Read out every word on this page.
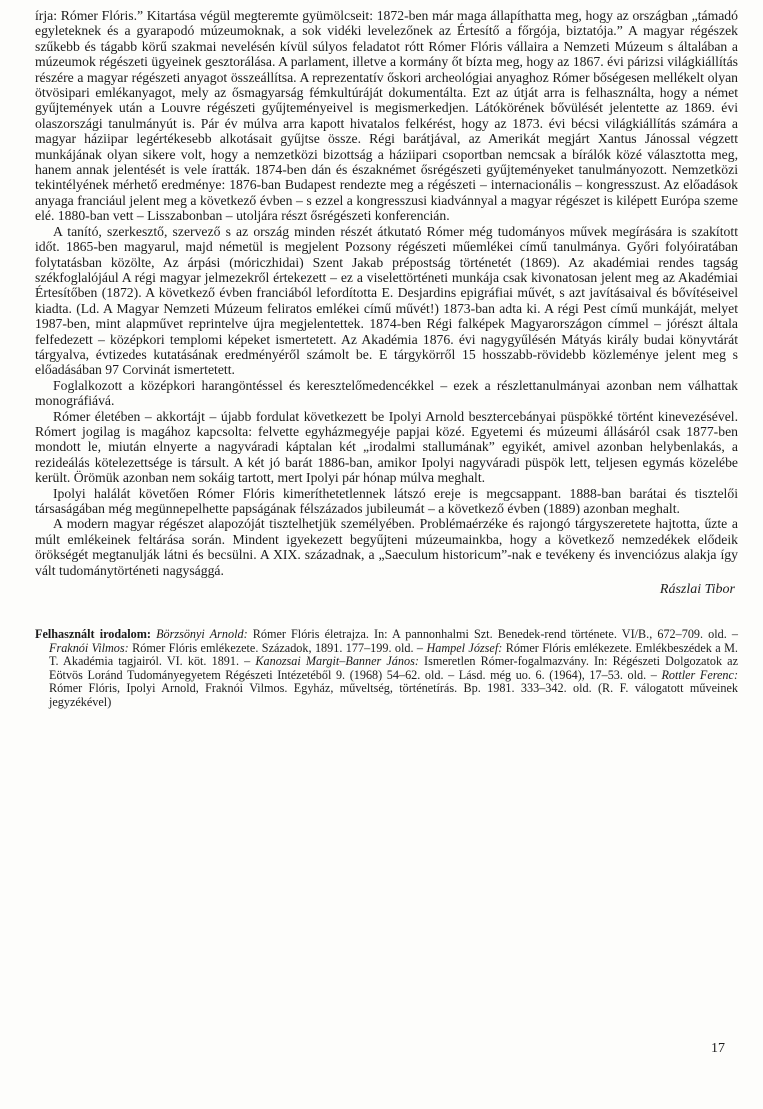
írja: Rómer Flóris.” Kitartása végül megteremte gyümölcseit: 1872-ben már maga állapíthatta meg, hogy az országban „támadó egyleteknek és a gyarapodó múzeumoknak, a sok vidéki levelezőnek az Értesítő a főrgója, biztatója.” A magyar régészek szűkebb és tágabb körű szakmai nevelésén kívül súlyos feladatot rótt Rómer Flóris vállaira a Nemzeti Múzeum s általában a múzeumok régészeti ügyeinek gesztorálása. A parlament, illetve a kormány őt bízta meg, hogy az 1867. évi párizsi világkiállítás részére a magyar régészeti anyagot összeállítsa. A reprezentatív őskori archeológiai anyaghoz Rómer bőségesen mellékelt olyan ötvösipari emlékanyagot, mely az ősmagyarság fémkultúráját dokumentálta. Ezt az útját arra is felhasználta, hogy a német gyűjtemények után a Louvre régészeti gyűjteményeivel is megismerkedjen. Látókörének bővülését jelentette az 1869. évi olaszországi tanulmányút is. Pár év múlva arra kapott hivatalos felkérést, hogy az 1873. évi bécsi világkiállítás számára a magyar háziipar legértékesebb alkotásait gyűjtse össze. Régi barátjával, az Amerikát megjárt Xantus Jánossal végzett munkájának olyan sikere volt, hogy a nemzetközi bizottság a háziipari csoportban nemcsak a bírálók közé választotta meg, hanem annak jelentését is vele íratták. 1874-ben dán és északnémet ősrégészeti gyűjteményeket tanulmányozott. Nemzetközi tekintélyének mérhető eredménye: 1876-ban Budapest rendezte meg a régészeti – internacionális – kongresszust. Az előadások anyaga franciául jelent meg a következő évben – s ezzel a kongresszusi kiadvánnyal a magyar régészet is kilépett Európa szeme elé. 1880-ban vett – Lisszabonban – utoljára részt ősrégészeti konferencián.

A tanító, szerkesztő, szervező s az ország minden részét átkutató Rómer még tudományos művek megírására is szakított időt. 1865-ben magyarul, majd németül is megjelent Pozsony régészeti műemlékei című tanulmánya. Győri folyóiratában folytatásban közölte, Az árpási (móriczhidai) Szent Jakab prépostság történetét (1869). Az akadémiai rendes tagság székfoglalójául A régi magyar jelmezekről értekezett – ez a viselettörténeti munkája csak kivonatosan jelent meg az Akadémiai Értesítőben (1872). A következő évben franciából lefordította E. Desjardins epigráfiai művét, s azt javításaival és bővítéseivel kiadta. (Ld. A Magyar Nemzeti Múzeum feliratos emlékei című művét!) 1873-ban adta ki. A régi Pest című munkáját, melyet 1987-ben, mint alapművet reprintelve újra megjelentettek. 1874-ben Régi falképek Magyarországon címmel – jórészt általa felfedezett – középkori templomi képeket ismertetett. Az Akadémia 1876. évi nagygyűlésén Mátyás király budai könyvtárát tárgyalva, évtizedes kutatásának eredményéről számolt be. E tárgykörről 15 hosszabb-rövidebb közleménye jelent meg s előadásában 97 Corvinát ismertetett.

Foglalkozott a középkori harangöntéssel és keresztelőmedencékkel – ezek a részlettanulmányai azonban nem válhattak monográfiává.

Rómer életében – akkortájt – újabb fordulat következett be Ipolyi Arnold besztercebányai püspökké történt kinevezésével. Rómert jogilag is magához kapcsolta: felvette egyházmegyéje papjai közé. Egyetemi és múzeumi állásáról csak 1877-ben mondott le, miután elnyerte a nagyváradi káptalan két „irodalmi stallumának” egyikét, amivel azonban helybenlakás, a rezideálás kötelezettsége is társult. A két jó barát 1886-ban, amikor Ipolyi nagyváradi püspök lett, teljesen egymás közelébe került. Örömük azonban nem sokáig tartott, mert Ipolyi pár hónap múlva meghalt.

Ipolyi halálát követően Rómer Flóris kimeríthetetlennek látszó ereje is megcsappant. 1888-ban barátai és tisztelői társaságában még megünnepelhette papságának félszázados jubileumát – a következő évben (1889) azonban meghalt.

A modern magyar régészet alapozóját tisztelhetjük személyében. Problémaérzéke és rajongó tárgyszeretete hajtotta, űzte a múlt emlékeinek feltárása során. Mindent igyekezett begyűjteni múzeumainkba, hogy a következő nemzedékek elődeik örökségét megtanulják látni és becsülni. A XIX. századnak, a „Saeculum historicum”-nak e tevékeny és invenciózus alakja így vált tudománytörténeti nagysággá.

Rászlai Tibor
Felhasznált irodalom: Börzsönyi Arnold: Rómer Flóris életrajza. In: A pannonhalmi Szt. Benedek-rend története. VI/B., 672–709. old. – Fraknói Vilmos: Rómer Flóris emlékezete. Századok, 1891. 177–199. old. – Hampel József: Rómer Flóris emlékezete. Emlékbeszédek a M. T. Akadémia tagjairól. VI. köt. 1891. – Kanozsai Margit–Banner János: Ismeretlen Rómer-fogalmazvány. In: Régészeti Dolgozatok az Eötvös Loránd Tudományegyetem Régészeti Intézetéből 9. (1968) 54–62. old. – Lásd. még uo. 6. (1964), 17–53. old. – Rottler Ferenc: Rómer Flóris, Ipolyi Arnold, Fraknói Vilmos. Egyház, műveltség, történetírás. Bp. 1981. 333–342. old. (R. F. válogatott műveinek jegyzékével)
17
